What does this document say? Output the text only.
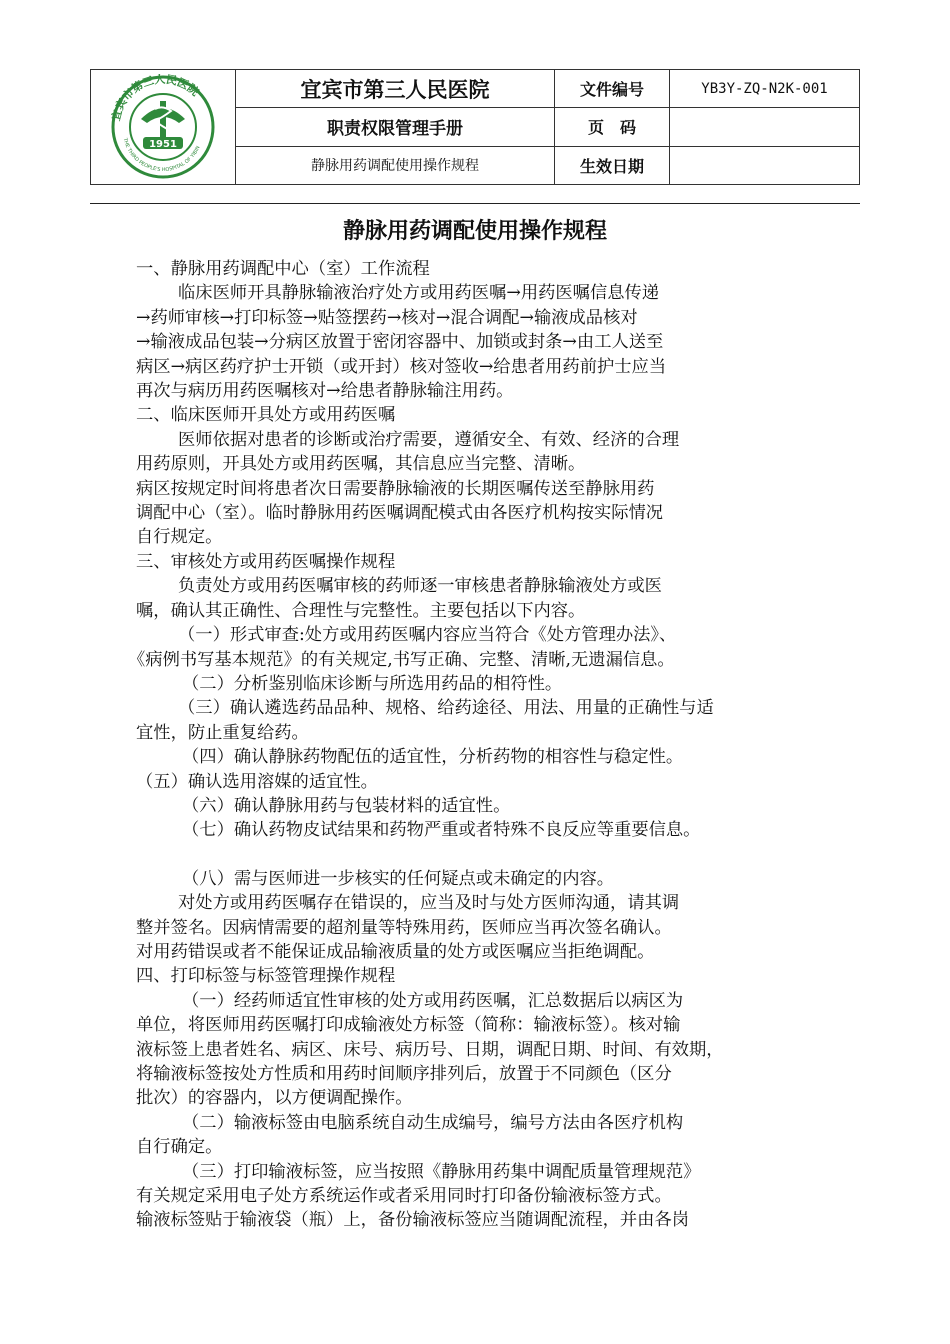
宜宾市第三人民医院
THE THIRD PEOPLE'S HOSPITAL OF YIBIN
1951	宜宾市第三人民医院	文件编号	YB3Y-ZQ-N2K-001
	职责权限管理手册	页　码	
	静脉用药调配使用操作规程	生效日期	
静脉用药调配使用操作规程

一、静脉用药调配中心（室）工作流程

临床医师开具静脉输液治疗处方或用药医嘱→用药医嘱信息传递

→药师审核→打印标签→贴签摆药→核对→混合调配→输液成品核对

→输液成品包装→分病区放置于密闭容器中、加锁或封条→由工人送至

病区→病区药疗护士开锁（或开封）核对签收→给患者用药前护士应当

再次与病历用药医嘱核对→给患者静脉输注用药。

二、临床医师开具处方或用药医嘱

医师依据对患者的诊断或治疗需要，遵循安全、有效、经济的合理

用药原则，开具处方或用药医嘱，其信息应当完整、清晰。

病区按规定时间将患者次日需要静脉输液的长期医嘱传送至静脉用药

调配中心（室）。临时静脉用药医嘱调配模式由各医疗机构按实际情况

自行规定。

三、审核处方或用药医嘱操作规程

负责处方或用药医嘱审核的药师逐一审核患者静脉输液处方或医

嘱，确认其正确性、合理性与完整性。主要包括以下内容。

（一）形式审查:处方或用药医嘱内容应当符合《处方管理办法》、

《病例书写基本规范》的有关规定,书写正确、完整、清晰,无遗漏信息。

（二）分析鉴别临床诊断与所选用药品的相符性。

（三）确认遴选药品品种、规格、给药途径、用法、用量的正确性与适

宜性，防止重复给药。

（四）确认静脉药物配伍的适宜性，分析药物的相容性与稳定性。

（五）确认选用溶媒的适宜性。

（六）确认静脉用药与包装材料的适宜性。

（七）确认药物皮试结果和药物严重或者特殊不良反应等重要信息。

（八）需与医师进一步核实的任何疑点或未确定的内容。

对处方或用药医嘱存在错误的，应当及时与处方医师沟通，请其调

整并签名。因病情需要的超剂量等特殊用药，医师应当再次签名确认。

对用药错误或者不能保证成品输液质量的处方或医嘱应当拒绝调配。

四、打印标签与标签管理操作规程

（一）经药师适宜性审核的处方或用药医嘱，汇总数据后以病区为

单位，将医师用药医嘱打印成输液处方标签（简称：输液标签）。核对输

液标签上患者姓名、病区、床号、病历号、日期，调配日期、时间、有效期，

将输液标签按处方性质和用药时间顺序排列后，放置于不同颜色（区分

批次）的容器内，以方便调配操作。

（二）输液标签由电脑系统自动生成编号，编号方法由各医疗机构

自行确定。

（三）打印输液标签，应当按照《静脉用药集中调配质量管理规范》

有关规定采用电子处方系统运作或者采用同时打印备份输液标签方式。

输液标签贴于输液袋（瓶）上，备份输液标签应当随调配流程，并由各岗
